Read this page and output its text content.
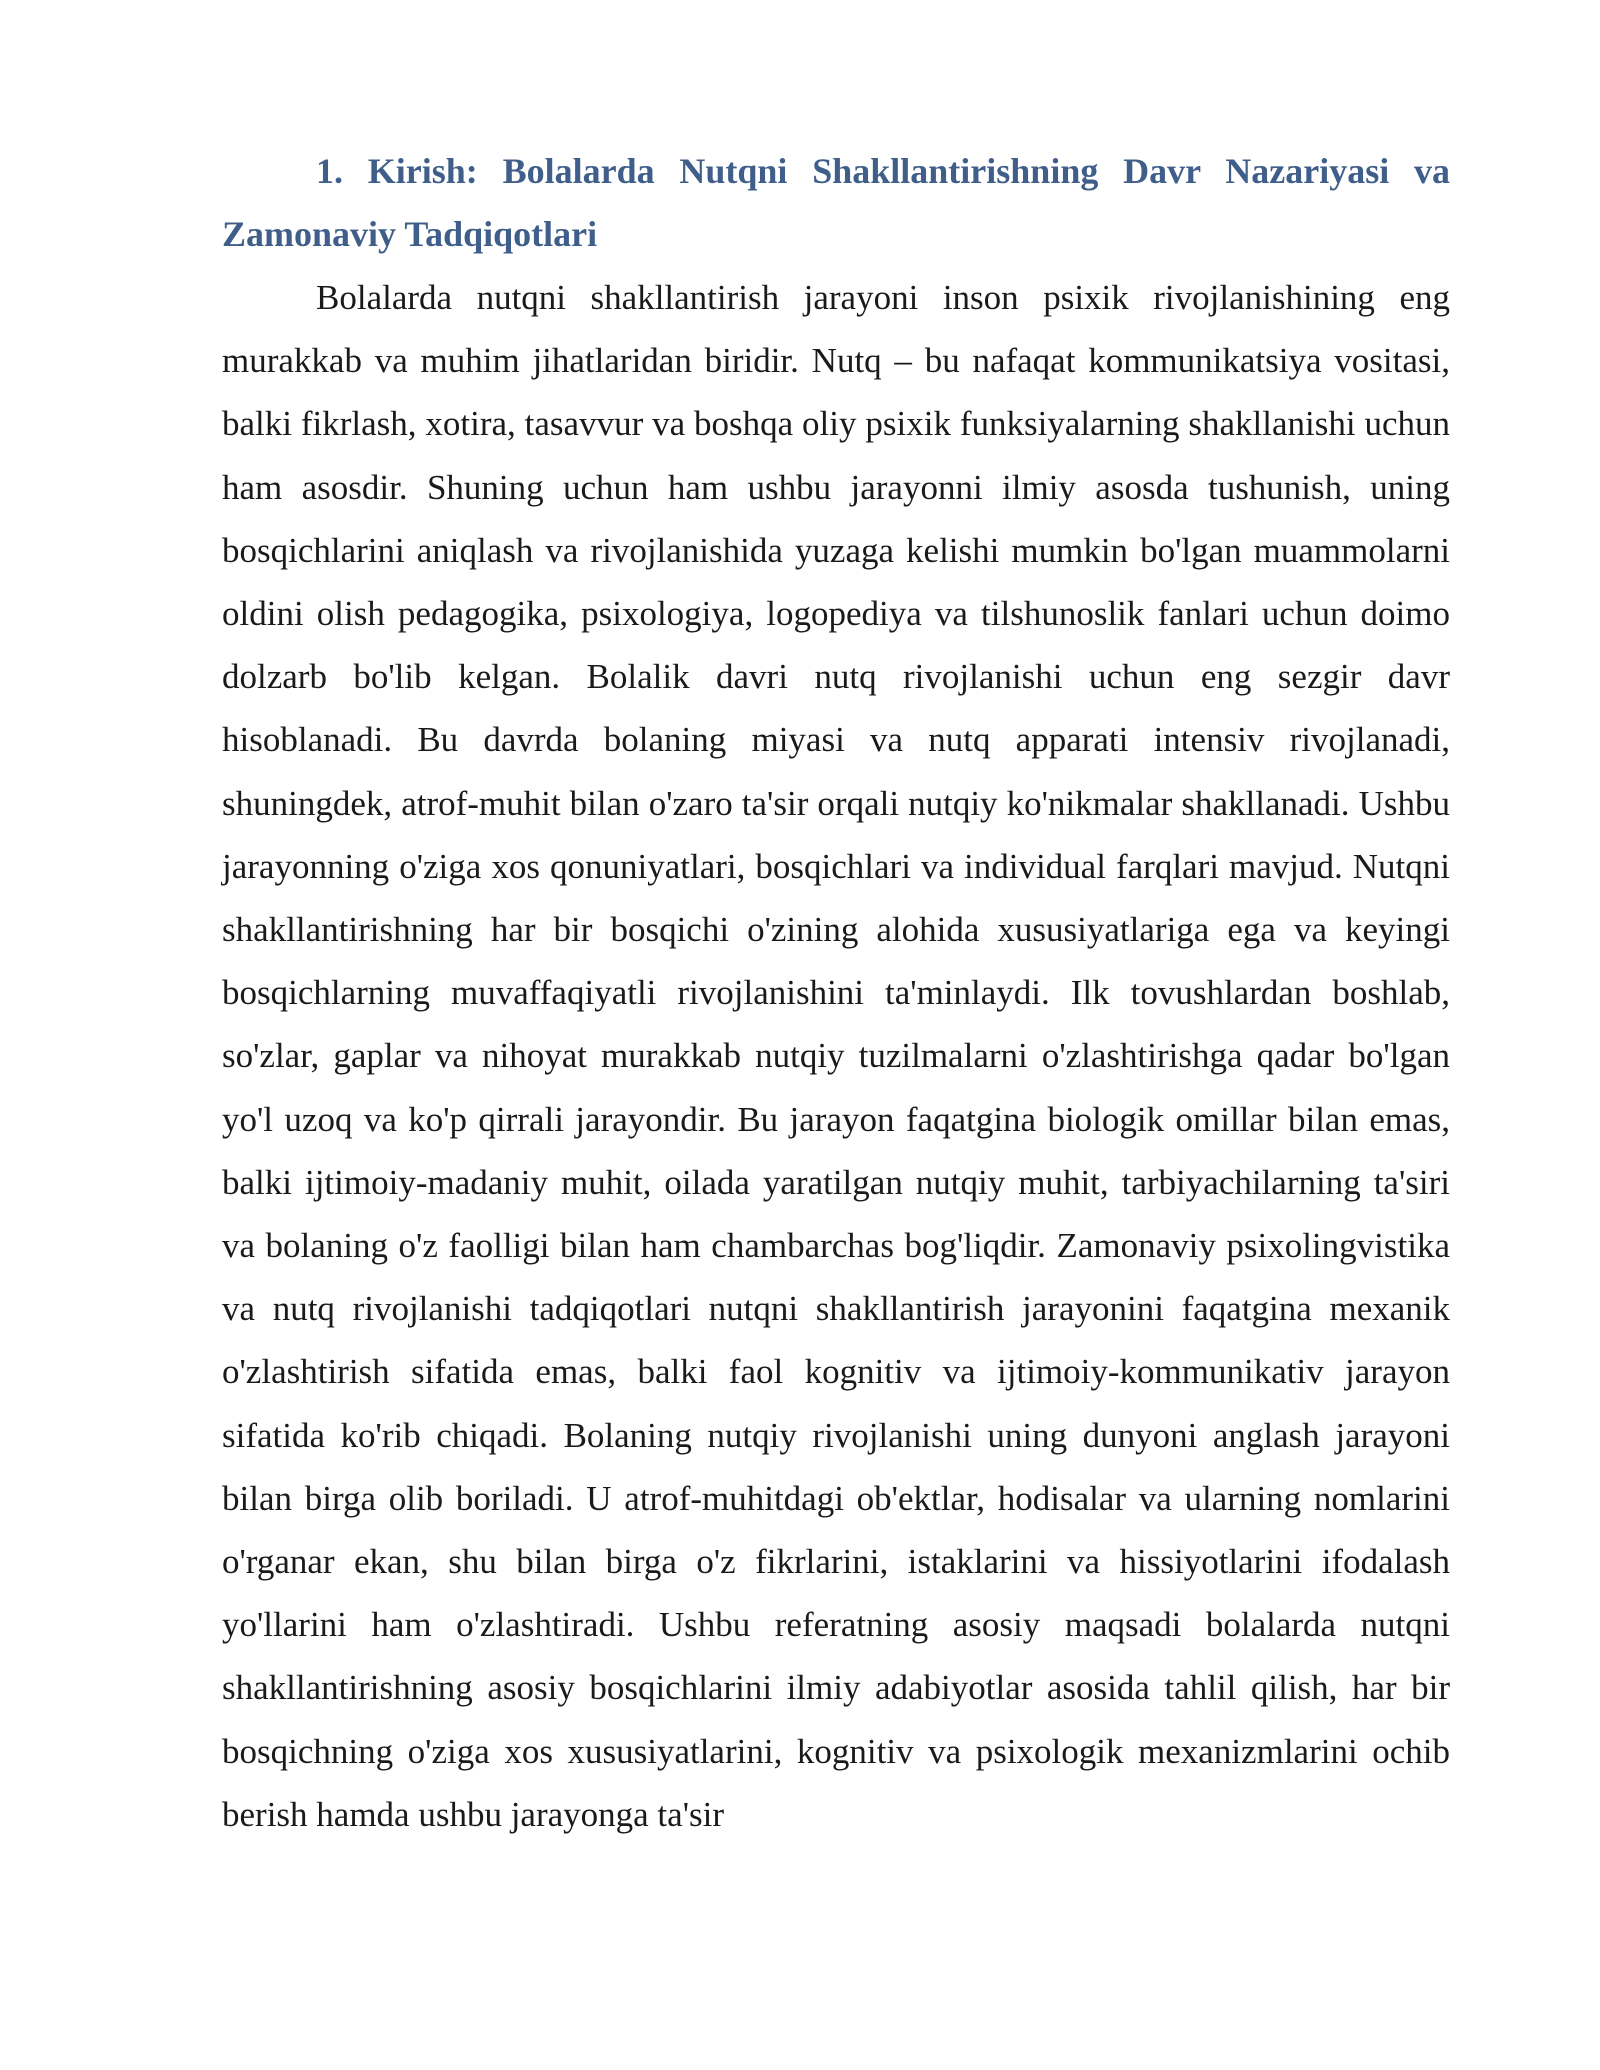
1. Kirish: Bolalarda Nutqni Shakllantirishning Davr Nazariyasi va Zamonaviy Tadqiqotlari

Bolalarda nutqni shakllantirish jarayoni inson psixik rivojlanishining eng murakkab va muhim jihatlaridan biridir. Nutq – bu nafaqat kommunikatsiya vositasi, balki fikrlash, xotira, tasavvur va boshqa oliy psixik funksiyalarning shakllanishi uchun ham asosdir. Shuning uchun ham ushbu jarayonni ilmiy asosda tushunish, uning bosqichlarini aniqlash va rivojlanishida yuzaga kelishi mumkin bo'lgan muammolarni oldini olish pedagogika, psixologiya, logopediya va tilshunoslik fanlari uchun doimo dolzarb bo'lib kelgan. Bolalik davri nutq rivojlanishi uchun eng sezgir davr hisoblanadi. Bu davrda bolaning miyasi va nutq apparati intensiv rivojlanadi, shuningdek, atrof-muhit bilan o'zaro ta'sir orqali nutqiy ko'nikmalar shakllanadi. Ushbu jarayonning o'ziga xos qonuniyatlari, bosqichlari va individual farqlari mavjud. Nutqni shakllantirishning har bir bosqichi o'zining alohida xususiyatlariga ega va keyingi bosqichlarning muvaffaqiyatli rivojlanishini ta'minlaydi. Ilk tovushlardan boshlab, so'zlar, gaplar va nihoyat murakkab nutqiy tuzilmalarni o'zlashtirishga qadar bo'lgan yo'l uzoq va ko'p qirrali jarayondir. Bu jarayon faqatgina biologik omillar bilan emas, balki ijtimoiy-madaniy muhit, oilada yaratilgan nutqiy muhit, tarbiyachilarning ta'siri va bolaning o'z faolligi bilan ham chambarchas bog'liqdir. Zamonaviy psixolingvistika va nutq rivojlanishi tadqiqotlari nutqni shakllantirish jarayonini faqatgina mexanik o'zlashtirish sifatida emas, balki faol kognitiv va ijtimoiy-kommunikativ jarayon sifatida ko'rib chiqadi. Bolaning nutqiy rivojlanishi uning dunyoni anglash jarayoni bilan birga olib boriladi. U atrof-muhitdagi ob'ektlar, hodisalar va ularning nomlarini o'rganar ekan, shu bilan birga o'z fikrlarini, istaklarini va hissiyotlarini ifodalash yo'llarini ham o'zlashtiradi. Ushbu referatning asosiy maqsadi bolalarda nutqni shakllantirishning asosiy bosqichlarini ilmiy adabiyotlar asosida tahlil qilish, har bir bosqichning o'ziga xos xususiyatlarini, kognitiv va psixologik mexanizmlarini ochib berish hamda ushbu jarayonga ta'sir
